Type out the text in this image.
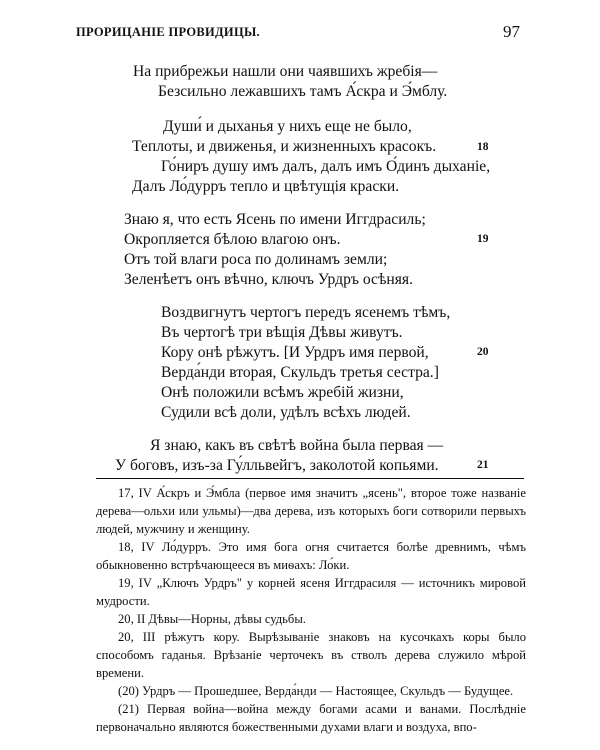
ПРОРИЦАНІЕ ПРОВИДИЦЫ.	97
На прибрежьи нашли они чаявшихъ жребія—
Безсильно лежавшихъ тамъ А́скра и Э́мблу.
Души́ и дыханья у нихъ еще не было,
Теплоты, и движенья, и жизненныхъ красокъ.
Го́ниръ душу имъ далъ, далъ имъ О́динъ дыханіе,
Далъ Ло́дурръ тепло и цвѣтущія краски.
18
Знаю я, что есть Ясень по имени Иггдрасиль;
Окропляется бѣлою влагою онъ.
Отъ той влаги роса по долинамъ земли;
Зеленѣетъ онъ вѣчно, ключъ Урдръ осѣняя.
19
Воздвигнутъ чертогъ передъ ясенемъ тѣмъ,
Въ чертогѣ три вѣщія Дѣвы живутъ.
Кору онѣ рѣжутъ. [И Урдръ имя первой,
Верда́нди вторая, Скульдъ третья сестра.]
Онѣ положили всѣмъ жребій жизни,
Судили всѣ доли, удѣлъ всѣхъ людей.
20
Я знаю, какъ въ свѣтѣ война была первая —
У боговъ, изъ-за Гу́лльвейгъ, заколотой копьями.	21

17, IV А́скръ и Э́мбла (первое имя значитъ „ясень", второе тоже названіе дерева—ольхи или ульмы)—два дерева, изъ которыхъ боги сотворили первыхъ людей, мужчину и женщину.

18, IV Ло́дурръ. Это имя бога огня считается болѣе древнимъ, чѣмъ обыкновенно встрѣчающееся въ миѳахъ: Ло́ки.

19, IV „Ключъ Урдръ" у корней ясеня Иггдрасиля — источникъ мировой мудрости.

20, II Дѣвы—Норны, дѣвы судьбы.

20, III рѣжутъ кору. Вырѣзываніе знаковъ на кусочкахъ коры было способомъ гаданья. Врѣзаніе черточекъ въ стволъ дерева служило мѣрой времени.

(20) Урдръ — Прошедшее, Верда́нди — Настоящее, Скульдъ — Будущее.

(21) Первая война—война между богами асами и ванами. Послѣдніе первоначально являются божественными духами влаги и воздуха, впо-
